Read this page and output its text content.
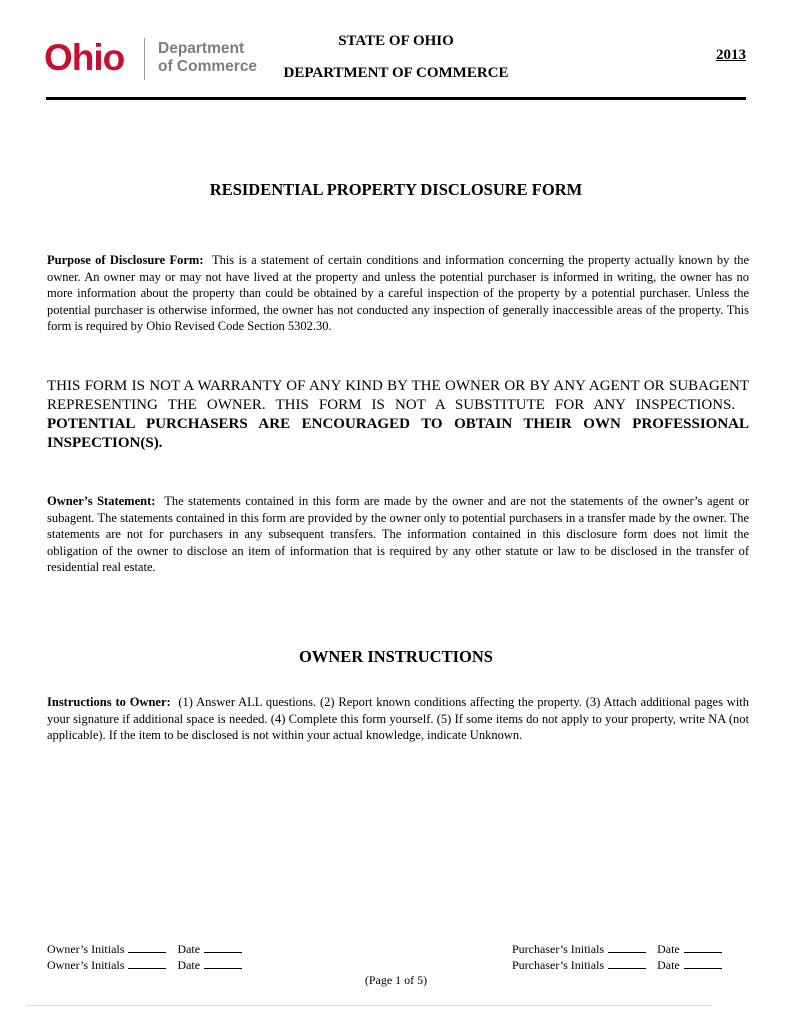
Ohio Department
of Commerce
STATE OF OHIO
DEPARTMENT OF COMMERCE
2013
RESIDENTIAL PROPERTY DISCLOSURE FORM
Purpose of Disclosure Form: This is a statement of certain conditions and information concerning the property actually known by the owner. An owner may or may not have lived at the property and unless the potential purchaser is informed in writing, the owner has no more information about the property than could be obtained by a careful inspection of the property by a potential purchaser. Unless the potential purchaser is otherwise informed, the owner has not conducted any inspection of generally inaccessible areas of the property. This form is required by Ohio Revised Code Section 5302.30.
THIS FORM IS NOT A WARRANTY OF ANY KIND BY THE OWNER OR BY ANY AGENT OR SUBAGENT REPRESENTING THE OWNER. THIS FORM IS NOT A SUBSTITUTE FOR ANY INSPECTIONS.   POTENTIAL PURCHASERS ARE ENCOURAGED TO OBTAIN THEIR OWN PROFESSIONAL INSPECTION(S).
Owner’s Statement: The statements contained in this form are made by the owner and are not the statements of the owner’s agent or subagent. The statements contained in this form are provided by the owner only to potential purchasers in a transfer made by the owner. The statements are not for purchasers in any subsequent transfers. The information contained in this disclosure form does not limit the obligation of the owner to disclose an item of information that is required by any other statute or law to be disclosed in the transfer of residential real estate.
OWNER INSTRUCTIONS
Instructions to Owner: (1) Answer ALL questions. (2) Report known conditions affecting the property. (3) Attach additional pages with your signature if additional space is needed. (4) Complete this form yourself. (5) If some items do not apply to your property, write NA (not applicable). If the item to be disclosed is not within your actual knowledge, indicate Unknown.
Owner’s Initials	Date
Owner’s Initials	Date
Purchaser’s Initials	Date
Purchaser’s Initials	Date
(Page 1 of 5)
